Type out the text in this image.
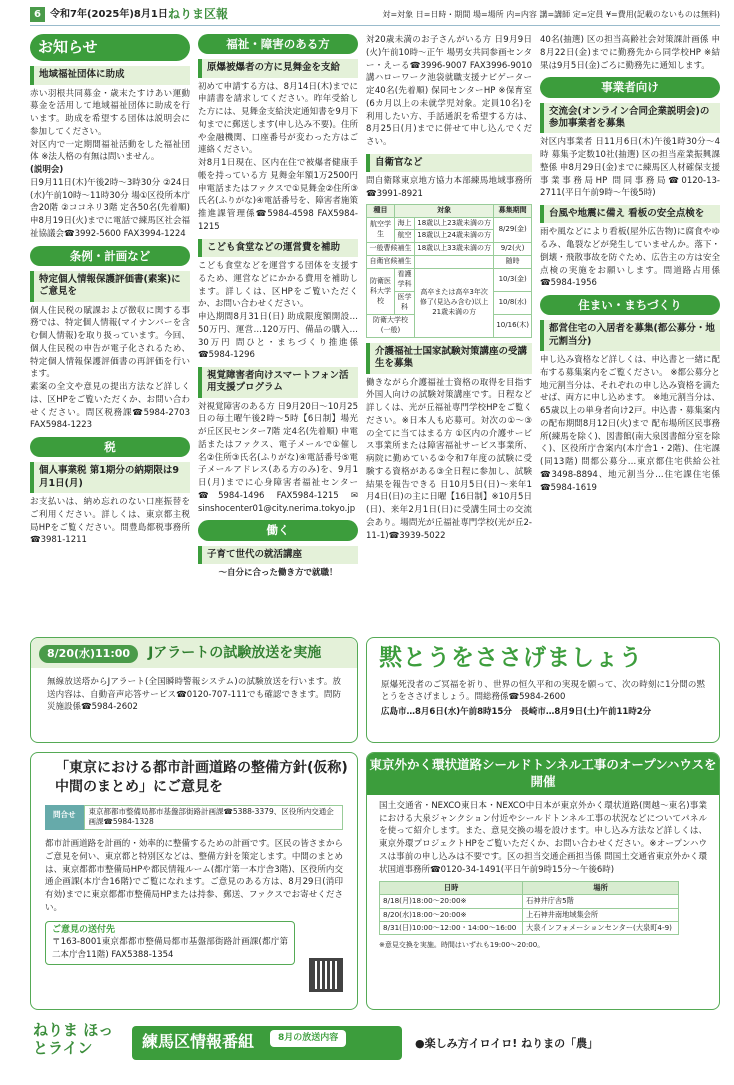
6 令和7年(2025年)8月1日 ねりま区報	対=対象 日=日時・期間 場=場所 内=内容 講=講師 定=定員 ¥=費用(記載のないものは無料)
お知らせ
地域福祉団体に助成
赤い羽根共同募金・歳末たすけあい運動募金を活用して地域福祉団体に助成を行います。助成を希望する団体は説明会に参加してください。
対区内で一定期間福祉活動をした福祉団体 ※法人格の有無は問いません。
(説明会)
日9月11日(木)午後2時～3時30分 ②24日(水)午前10時～11時30分 場①区役所本庁舎20階 ②ココネリ3階 定各50名(先着順) 申8月19日(火)までに電話で練馬区社会福祉協議会☎3992-5600 FAX3994-1224
条例・計画など
特定個人情報保護評価書(素案)にご意見を
個人住民税の賦課および徴収に関する事務では、特定個人情報(マイナンバーを含む個人情報)を取り扱っています。今回、個人住民税の申告が電子化されるため、特定個人情報保護評価書の再評価を行います。
素案の全文や意見の提出方法など詳しくは、区HPをご覧いただくか、お問い合わせください。問区税務課☎5984-2703 FAX5984-1223
税
個人事業税 第1期分の納期限は9月1日(月)
お支払いは、納め忘れのない口座振替をご利用ください。詳しくは、東京都主税局HPをご覧ください。問豊島都税事務所☎3981-1211
福祉・障害のある方
原爆被爆者の方に見舞金を支給
初めて申請する方は、8月14日(木)までに申請書を請求してください。昨年受給した方には、見舞金支給決定通知書を9月下旬までに郵送します(申し込み不要)。住所や金融機関、口座番号が変わった方はご連絡ください。
対8月1日現在、区内在住で被爆者健康手帳を持っている方 見舞金年額1万2500円 申電話またはファクスで①見舞金②住所③氏名(ふりがな)④電話番号を、障害者施策推進課管理係☎5984-4598 FAX5984-1215
こども食堂などの運営費を補助
こども食堂などを運営する団体を支援するため、運営などにかかる費用を補助します。詳しくは、区HPをご覧いただくか、お問い合わせください。
申込期間8月31日(日) 助成限度額開設…50万円、運営…120万円、備品の購入…30万円 問ひと・まちづくり推進係☎5984-1296
視覚障害者向けスマートフォン活用支援プログラム
対視覚障害のある方 日9月20日～10月25日の毎土曜午後2時～5時【6日制】場光が丘区民センター7階 定4名(先着順) 申電話またはファクス、電子メールで①催し名②住所③氏名(ふりがな)④電話番号⑤電子メールアドレス(ある方のみ)を、9月1日(月)までに心身障害者福祉センター☎5984-1496 FAX5984-1215 ✉sinshocenter01@city.nerima.tokyo.jp
働く
子育て世代の就活講座
～自分に合った働き方で就職！
対20歳未満のお子さんがいる方 日9月9日(火)午前10時～正午 場男女共同参画センター・えーる☎3996-9007 FAX3996-9010 講ハローワーク池袋就職支援ナビゲーター 定40名(先着順) 保同センターHP ※保育室(6カ月以上の未就学児対象。定員10名)を利用したい方、手話通訳を希望する方は、8月25日(月)までに併せて申し込んでください。
自衛官など
問自衛隊東京地方協力本部練馬地域事務所☎3991-8921
種目	対象		募集期間
航空学生	海上	18歳以上23歳未満の方	8/29(金)
	航空	18歳以上24歳未満の方	
一般曹候補生		18歳以上33歳未満の方	9/2(火)
自衛官候補生			随時
防衛医科大学校	看護学科	高卒または高卒3年次修了(見込み含む)以上21歳未満の方	10/3(金)
	医学科		10/8(水)
防衛大学校(一般)			10/16(木)
介護福祉士国家試験対策講座の受講生を募集
働きながら介護福祉士資格の取得を目指す外国人向けの試験対策講座です。日程など詳しくは、光が丘福祉専門学校HPをご覧ください。※日本人も応募可。対次の①～③の全てに当てはまる方 ①区内の介護サービス事業所または障害福祉サービス事業所、病院に勤めている②令和7年度の試験に受験する資格がある③全日程に参加し、試験結果を報告できる 日10月5日(日)～来年1月4日(日)の主に日曜【16日制】※10月5日(日)、来年2月1日(日)に受講生同士の交流会あり。場問光が丘福祉専門学校(光が丘2-11-1)☎3939-5022
40名(抽選) 区の担当高齢社会対策課計画係 申8月22日(金)までに勤務先から同学校HP ※結果は9月5日(金)ごろに勤務先に通知します。
事業者向け
交流会(オンライン合同企業説明会)の参加事業者を募集
対区内事業者 日11月6日(木)午後1時30分～4時 募集予定数10社(抽選) 区の担当産業振興課整係 申8月29日(金)までに練馬区人材確保支援事業事務局HP 問同事務局☎0120-13-2711(平日午前9時～午後5時)
台風や地震に備え 看板の安全点検を
雨や風などにより看板(屋外広告物)に腐食やゆるみ、亀裂などが発生していませんか。落下・倒壊・飛散事故を防ぐため、広告主の方は安全点検の実施をお願いします。問道路占用係☎5984-1956
住まい・まちづくり
都営住宅の入居者を募集(都公募分・地元割当分)
申し込み資格など詳しくは、申込書と一緒に配布する募集案内をご覧ください。 ※都公募分と地元割当分は、それぞれの申し込み資格を満たせば、両方に申し込めます。 ※地元割当分は、65歳以上の単身者向け2戸。申込書・募集案内の配布期間8月12日(火)まで 配布場所区民事務所(練馬を除く)、図書館(南大泉図書館分室を除く)、区役所庁舎案内(本庁舎1・2階)、住宅課(同13階) 問都公募分…東京都住宅供給公社☎3498-8894、地元割当分…住宅課住宅係☎5984-1619
8/20(水)11:00	Jアラートの試験放送を実施
無線放送塔からJアラート(全国瞬時警報システム)の試験放送を行います。放送内容は、自動音声応答サービス☎0120-707-111でも確認できます。問防災施設係☎5984-2602
黙とうをささげましょう
原爆死没者のご冥福を祈り、世界の恒久平和の実現を願って、次の時刻に1分間の黙とうをささげましょう。問総務係☎5984-2600
広島市…8月6日(水)午前8時15分　長崎市…8月9日(土)午前11時2分
「東京における都市計画道路の整備方針(仮称)中間のまとめ」にご意見を
問合せ	東京都都市整備局都市基盤部街路計画課☎5388-3379、区役所内交通企画課☎5984-1328
都市計画道路を計画的・効率的に整備するための計画です。区民の皆さまからご意見を伺い、東京都と特別区などは、整備方針を策定します。中間のまとめは、東京都都市整備局HPや都民情報ルーム(都庁第一本庁舎3階)、区役所内交通企画課(本庁舎16階)でご覧になれます。ご意見のある方は、8月29日(消印有効)までに東京都都市整備局HPまたは持参、郵送、ファクスでお寄せください。
ご意見の送付先
〒163-8001東京都都市整備局都市基盤部街路計画課(都庁第二本庁舎11階) FAX5388-1354
東京外かく環状道路シールドトンネル工事のオープンハウスを開催
国土交通省・NEXCO東日本・NEXCO中日本が東京外かく環状道路(関越～東名)事業における大泉ジャンクション付近やシールドトンネル工事の状況などについてパネルを使って紹介します。また、意見交換の場を設けます。申し込み方法など詳しくは、東京外環プロジェクトHPをご覧いただくか、お問い合わせください。※オープンハウスは事前の申し込みは不要です。区の担当交通企画担当係 問国土交通省東京外かく環状国道事務所☎0120-34-1491(平日午前9時15分～午後6時)
日時	場所
8/18(月)18:00～20:00※	石神井庁舎5階
8/20(水)18:00～20:00※	上石神井南地域集会所
8/31(日)10:00～12:00・14:00～16:00	大泉インフォメーションセンター(大泉町4-9)
※意見交換を実施。時間はいずれも19:00～20:00。
ねりま ほっとライン	練馬区情報番組	8月の放送内容	●楽しみ方イロイロ! ねりまの「農」
